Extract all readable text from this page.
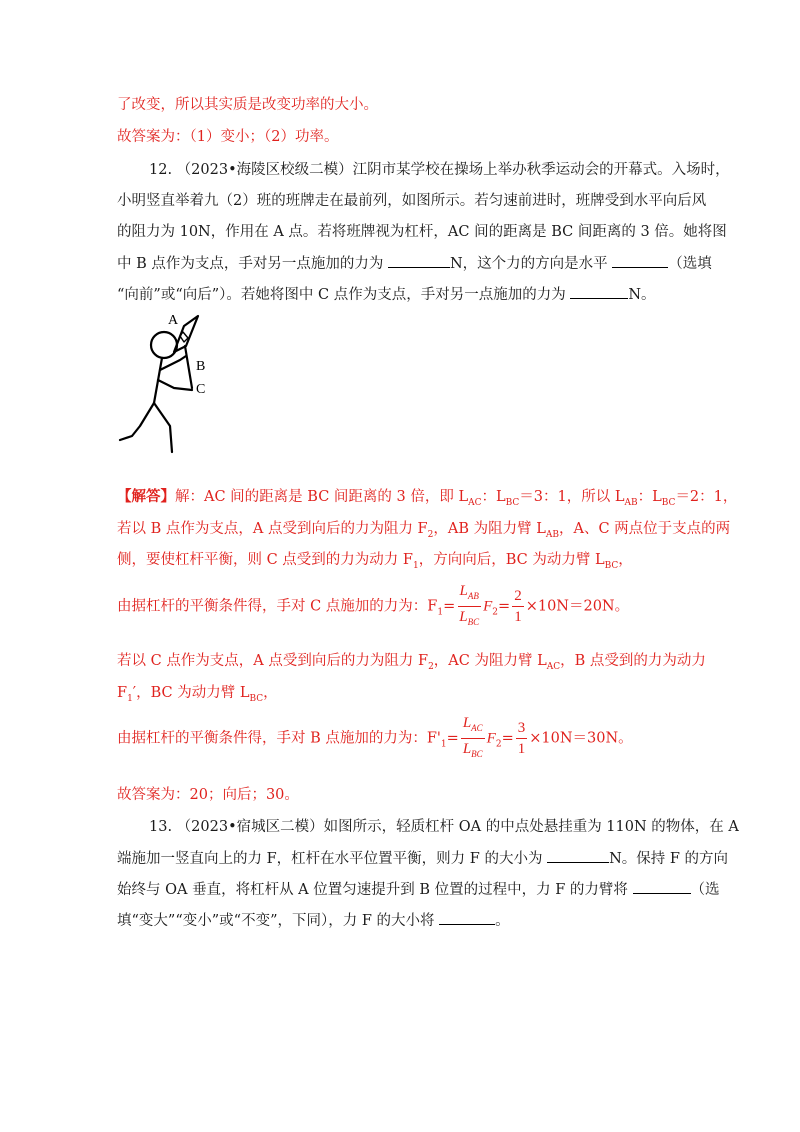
了改变，所以其实质是改变功率的大小。
故答案为：（1）变小；（2）功率。
12. （2023•海陵区校级二模）江阴市某学校在操场上举办秋季运动会的开幕式。入场时，
小明竖直举着九（2）班的班牌走在最前列，如图所示。若匀速前进时，班牌受到水平向后风
的阻力为 10N，作用在 A 点。若将班牌视为杠杆，AC 间的距离是 BC 间距离的 3 倍。她将图
中 B 点作为支点，手对另一点施加的力为	N，这个力的方向是水平	（选填
“向前”或“向后”）。若她将图中 C 点作为支点，手对另一点施加的力为	N。
A
B
C
【解答】解：AC 间的距离是 BC 间距离的 3 倍，即 $L_{AC}$：$L_{BC}=3$：1，所以 $L_{AB}$：$L_{BC}=2$：1，
若以 B 点作为支点，A 点受到向后的力为阻力 $F_2$，AB 为阻力臂 $L_{AB}$，A、C 两点位于支点的两
侧，要使杠杆平衡，则 C 点受到的力为动力 $F_1$，方向向后，BC 为动力臂 $L_{BC}$，
由据杠杆的平衡条件得，手对 C 点施加的力为：$F_1= \frac{L_{AB}}{L_{BC}} F_2= \frac{2}{1} \times 10N=20N$。
若以 C 点作为支点，A 点受到向后的力为阻力 $F_2$，AC 为阻力臂 $L_{AC}$，B 点受到的力为动力
$F_1'$，BC 为动力臂 $L_{BC}$，
由据杠杆的平衡条件得，手对 B 点施加的力为：$F'_1= \frac{L_{AC}}{L_{BC}} F_2= \frac{3}{1} \times 10N=30N$。
故答案为：20；向后；30。
13. （2023•宿城区二模）如图所示，轻质杠杆 OA 的中点处悬挂重为 110N 的物体，在 A
端施加一竖直向上的力 F，杠杆在水平位置平衡，则力 F 的大小为	N。保持 F 的方向
始终与 OA 垂直，将杠杆从 A 位置匀速提升到 B 位置的过程中，力 F 的力臂将	（选
填“变大”“变小”或“不变”，下同），力 F 的大小将	。
